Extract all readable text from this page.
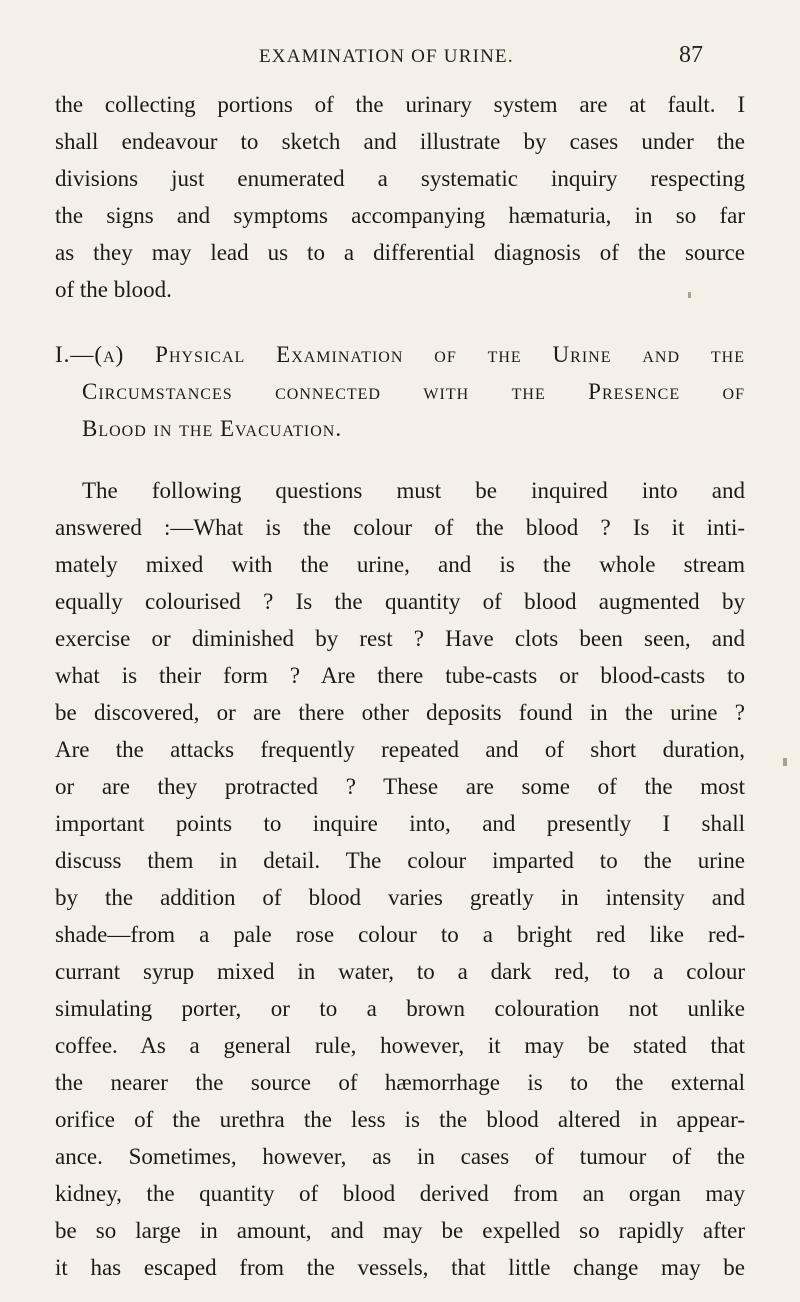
EXAMINATION OF URINE.	87
the collecting portions of the urinary system are at fault. I
shall endeavour to sketch and illustrate by cases under the
divisions just enumerated a systematic inquiry respecting
the signs and symptoms accompanying hæmaturia, in so far
as they may lead us to a differential diagnosis of the source
of the blood.
I.—(a) Physical Examination of the Urine and the
Circumstances connected with the Presence of
Blood in the Evacuation.
The following questions must be inquired into and
answered :—What is the colour of the blood ? Is it inti-
mately mixed with the urine, and is the whole stream
equally colourised ? Is the quantity of blood augmented by
exercise or diminished by rest ? Have clots been seen, and
what is their form ? Are there tube-casts or blood-casts to
be discovered, or are there other deposits found in the urine ?
Are the attacks frequently repeated and of short duration,
or are they protracted ? These are some of the most
important points to inquire into, and presently I shall
discuss them in detail. The colour imparted to the urine
by the addition of blood varies greatly in intensity and
shade—from a pale rose colour to a bright red like red-
currant syrup mixed in water, to a dark red, to a colour
simulating porter, or to a brown colouration not unlike
coffee. As a general rule, however, it may be stated that
the nearer the source of hæmorrhage is to the external
orifice of the urethra the less is the blood altered in appear-
ance. Sometimes, however, as in cases of tumour of the
kidney, the quantity of blood derived from an organ may
be so large in amount, and may be expelled so rapidly after
it has escaped from the vessels, that little change may be
